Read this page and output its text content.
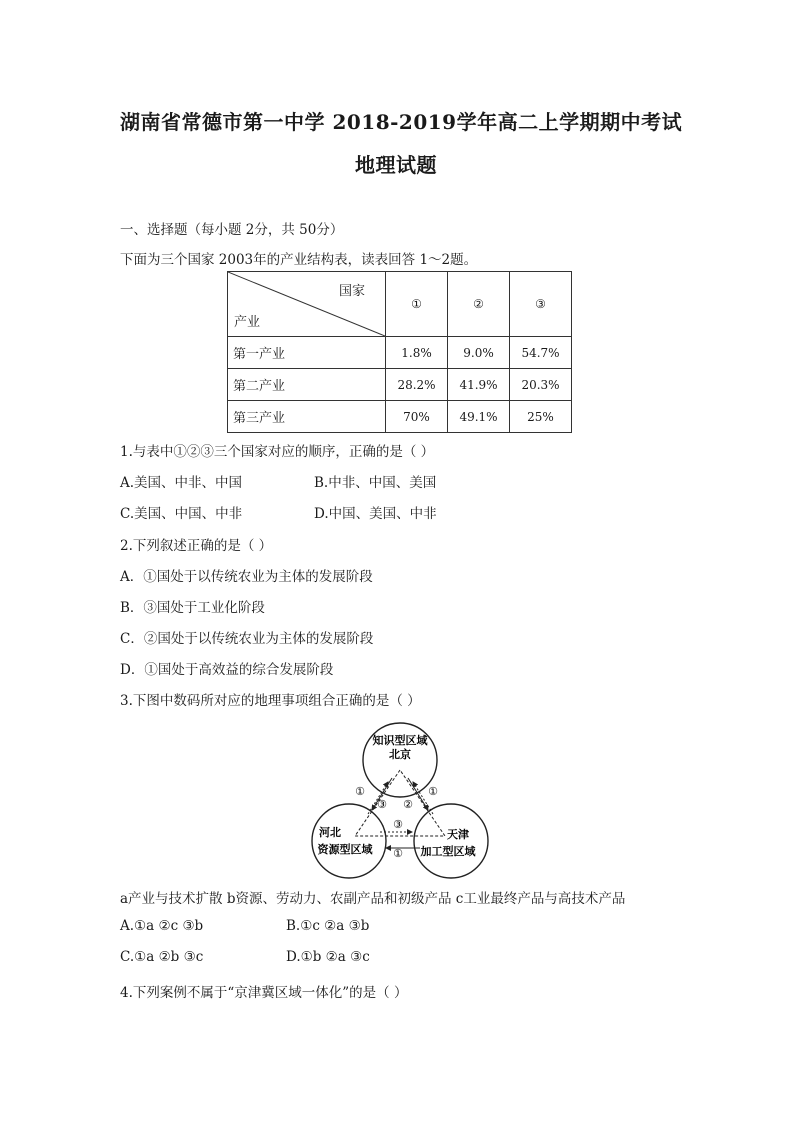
湖南省常德市第一中学 2018-2019学年高二上学期期中考试
地理试题
一、选择题（每小题 2分，共 50分）
下面为三个国家 2003年的产业结构表，读表回答 1～2题。
国家
产业	①	②	③
第一产业	1.8%	9.0%	54.7%
第二产业	28.2%	41.9%	20.3%
第三产业	70%	49.1%	25%
1.与表中①②③三个国家对应的顺序，正确的是（ ）
A.美国、中非、中国	B.中非、中国、美国
C.美国、中国、中非	D.中国、美国、中非
2.下列叙述正确的是（ ）
A．①国处于以传统农业为主体的发展阶段
B．③国处于工业化阶段
C．②国处于以传统农业为主体的发展阶段
D．①国处于高效益的综合发展阶段
3.下图中数码所对应的地理事项组合正确的是（ ）
知识型区域
北京
河北
资源型区域
天津
加工型区域
①
③ ②
①
③
①
a产业与技术扩散 b资源、劳动力、农副产品和初级产品 c工业最终产品与高技术产品
A.①a ②c ③b	B.①c ②a ③b
C.①a ②b ③c	D.①b ②a ③c
4.下列案例不属于“京津冀区域一体化”的是（ ）
